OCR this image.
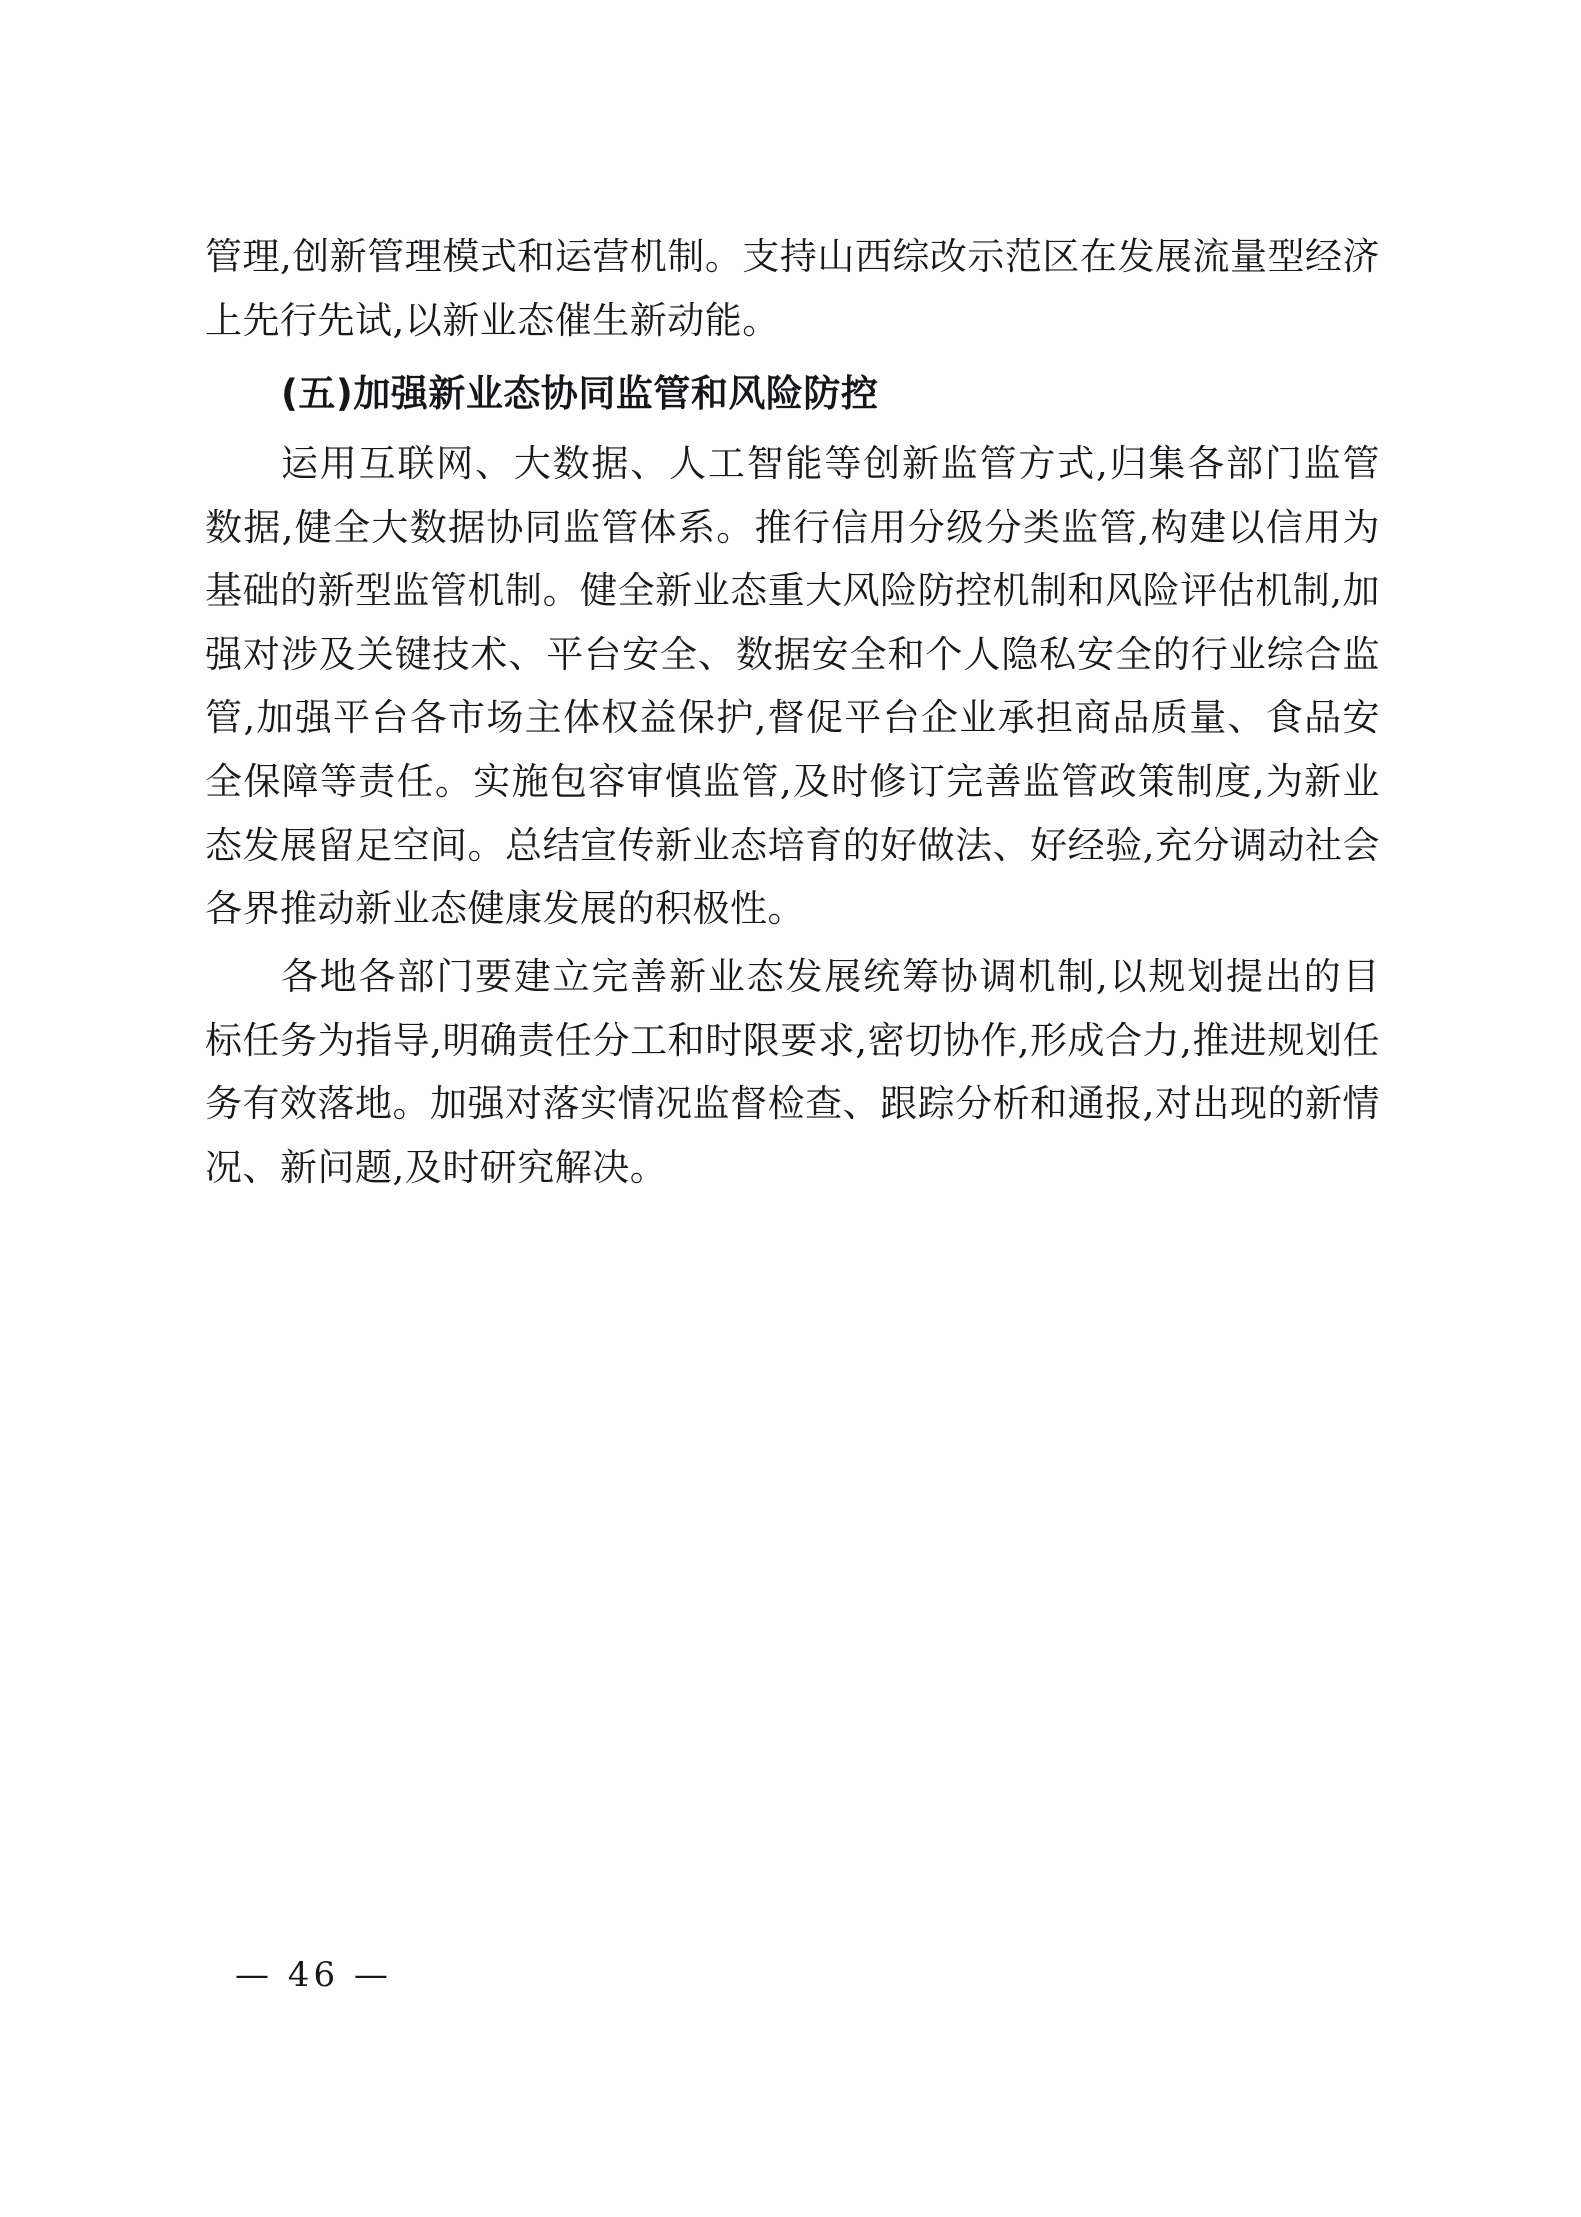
管理,创新管理模式和运营机制。支持山西综改示范区在发展流量型经济上先行先试,以新业态催生新动能。

(五)加强新业态协同监管和风险防控

运用互联网、大数据、人工智能等创新监管方式,归集各部门监管数据,健全大数据协同监管体系。推行信用分级分类监管,构建以信用为基础的新型监管机制。健全新业态重大风险防控机制和风险评估机制,加强对涉及关键技术、平台安全、数据安全和个人隐私安全的行业综合监管,加强平台各市场主体权益保护,督促平台企业承担商品质量、食品安全保障等责任。实施包容审慎监管,及时修订完善监管政策制度,为新业态发展留足空间。总结宣传新业态培育的好做法、好经验,充分调动社会各界推动新业态健康发展的积极性。

各地各部门要建立完善新业态发展统筹协调机制,以规划提出的目标任务为指导,明确责任分工和时限要求,密切协作,形成合力,推进规划任务有效落地。加强对落实情况监督检查、跟踪分析和通报,对出现的新情况、新问题,及时研究解决。

— 46 —
